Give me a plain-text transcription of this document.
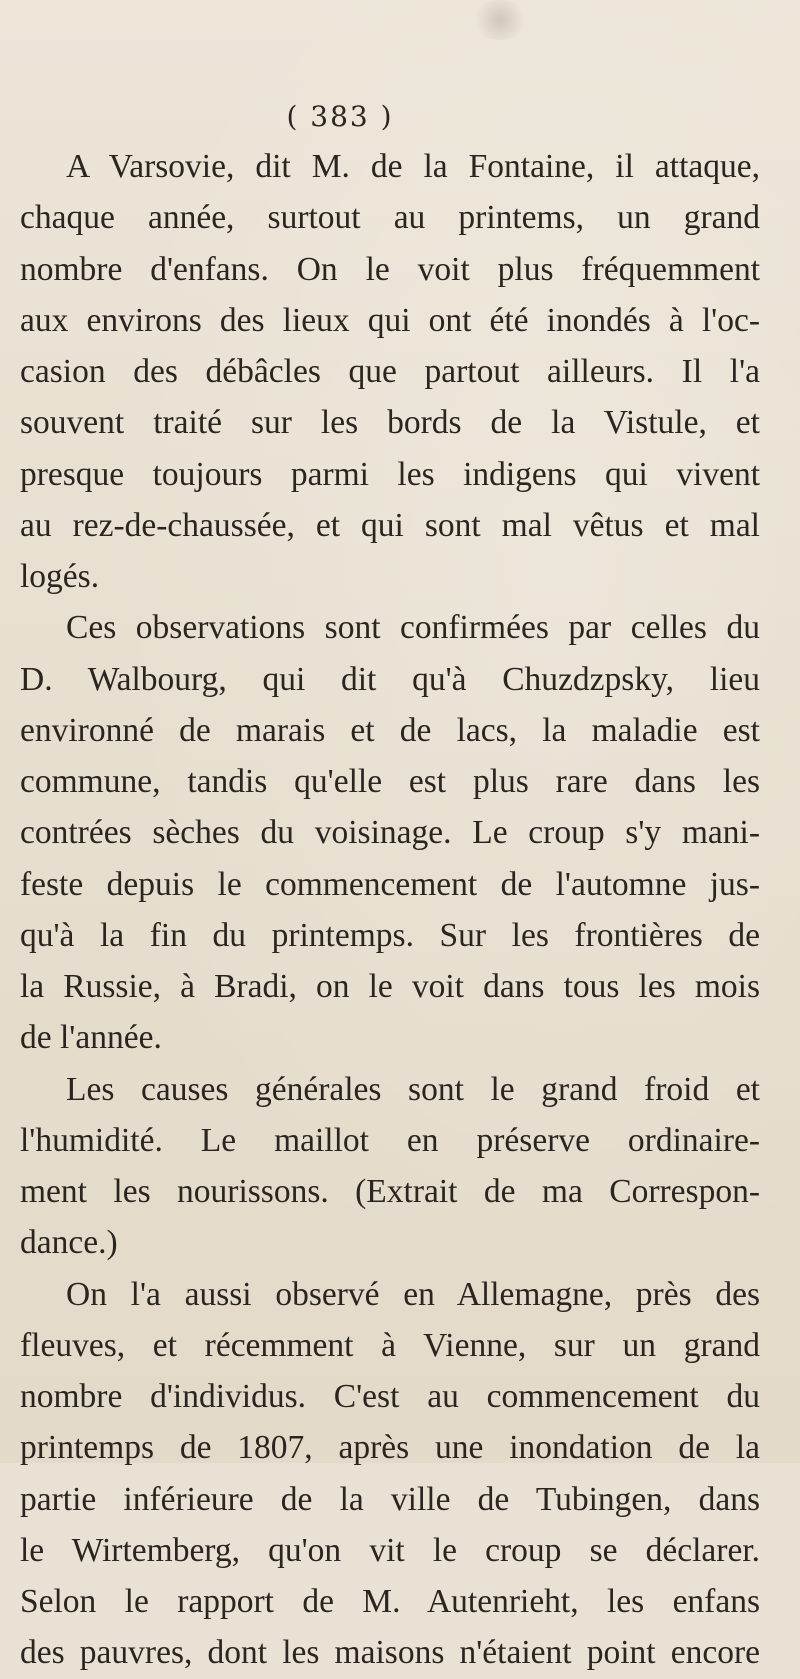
( 383 )
A Varsovie, dit M. de la Fontaine, il attaque,
chaque année, surtout au printems, un grand
nombre d'enfans. On le voit plus fréquemment
aux environs des lieux qui ont été inondés à l'oc-
casion des débâcles que partout ailleurs. Il l'a
souvent traité sur les bords de la Vistule, et
presque toujours parmi les indigens qui vivent
au rez-de-chaussée, et qui sont mal vêtus et mal
logés.
Ces observations sont confirmées par celles du
D. Walbourg, qui dit qu'à Chuzdzpsky, lieu
environné de marais et de lacs, la maladie est
commune, tandis qu'elle est plus rare dans les
contrées sèches du voisinage. Le croup s'y mani-
feste depuis le commencement de l'automne jus-
qu'à la fin du printemps. Sur les frontières de
la Russie, à Bradi, on le voit dans tous les mois
de l'année.
Les causes générales sont le grand froid et
l'humidité. Le maillot en préserve ordinaire-
ment les nourissons. (Extrait de ma Correspon-
dance.)
On l'a aussi observé en Allemagne, près des
fleuves, et récemment à Vienne, sur un grand
nombre d'individus. C'est au commencement du
printemps de 1807, après une inondation de la
partie inférieure de la ville de Tubingen, dans
le Wirtemberg, qu'on vit le croup se déclarer.
Selon le rapport de M. Autenrieht, les enfans
des pauvres, dont les maisons n'étaient point encore
